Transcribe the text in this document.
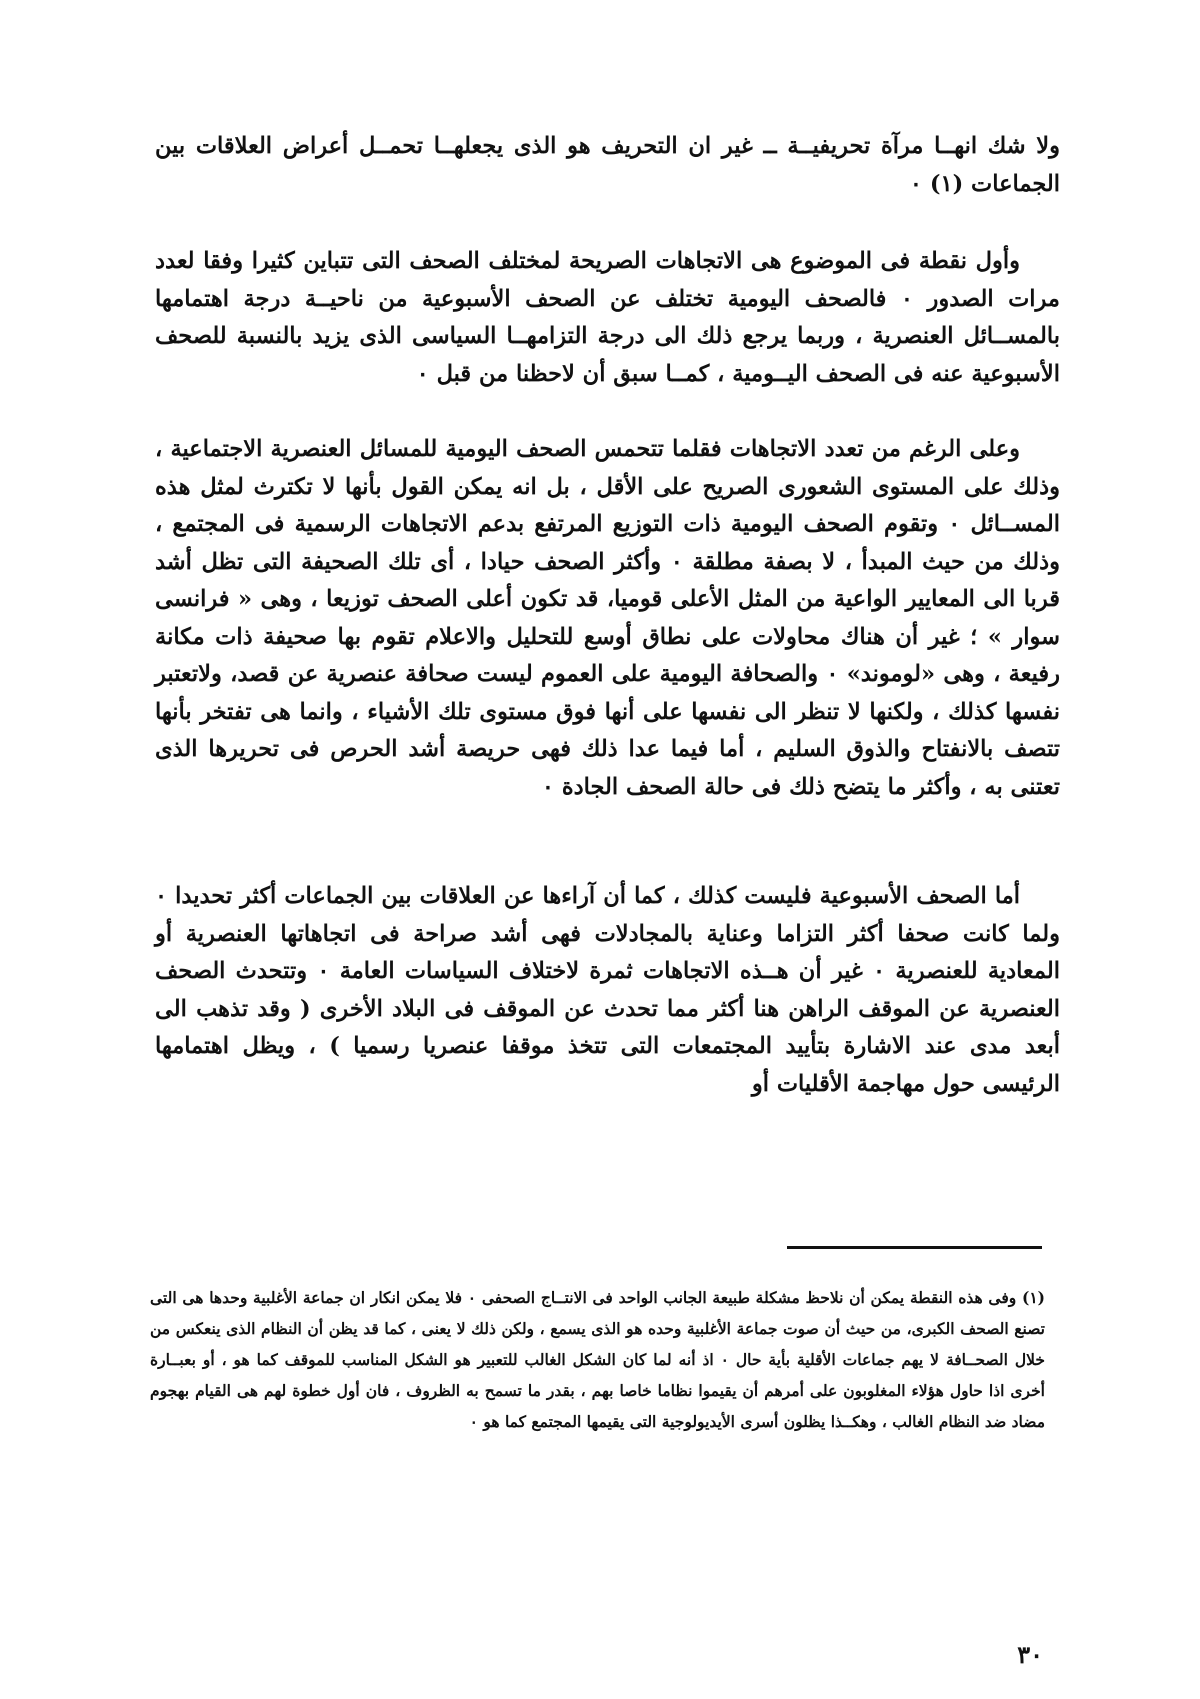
ولا شك انهــا مرآة تحريفيــة ــ غير ان التحريف هو الذى يجعلهــا تحمــل أعراض العلاقات بين الجماعات (١) ٠

وأول نقطة فى الموضوع هى الاتجاهات الصريحة لمختلف الصحف التى تتباين كثيرا وفقا لعدد مرات الصدور ٠ فالصحف اليومية تختلف عن الصحف الأسبوعية من ناحيــة درجة اهتمامها بالمســائل العنصرية ، وربما يرجع ذلك الى درجة التزامهــا السياسى الذى يزيد بالنسبة للصحف الأسبوعية عنه فى الصحف اليــومية ، كمــا سبق أن لاحظنا من قبل ٠

وعلى الرغم من تعدد الاتجاهات فقلما تتحمس الصحف اليومية للمسائل العنصرية الاجتماعية ، وذلك على المستوى الشعورى الصريح على الأقل ، بل انه يمكن القول بأنها لا تكترث لمثل هذه المســائل ٠ وتقوم الصحف اليومية ذات التوزيع المرتفع بدعم الاتجاهات الرسمية فى المجتمع ، وذلك من حيث المبدأ ، لا بصفة مطلقة ٠ وأكثر الصحف حيادا ، أى تلك الصحيفة التى تظل أشد قربا الى المعايير الواعية من المثل الأعلى قوميا، قد تكون أعلى الصحف توزيعا ، وهى « فرانسى سوار » ؛ غير أن هناك محاولات على نطاق أوسع للتحليل والاعلام تقوم بها صحيفة ذات مكانة رفيعة ، وهى «لوموند» ٠ والصحافة اليومية على العموم ليست صحافة عنصرية عن قصد، ولاتعتبر نفسها كذلك ، ولكنها لا تنظر الى نفسها على أنها فوق مستوى تلك الأشياء ، وانما هى تفتخر بأنها تتصف بالانفتاح والذوق السليم ، أما فيما عدا ذلك فهى حريصة أشد الحرص فى تحريرها الذى تعتنى به ، وأكثر ما يتضح ذلك فى حالة الصحف الجادة ٠

أما الصحف الأسبوعية فليست كذلك ، كما أن آراءها عن العلاقات بين الجماعات أكثر تحديدا ٠ ولما كانت صحفا أكثر التزاما وعناية بالمجادلات فهى أشد صراحة فى اتجاهاتها العنصرية أو المعادية للعنصرية ٠ غير أن هــذه الاتجاهات ثمرة لاختلاف السياسات العامة ٠ وتتحدث الصحف العنصرية عن الموقف الراهن هنا أكثر مما تحدث عن الموقف فى البلاد الأخرى ( وقد تذهب الى أبعد مدى عند الاشارة بتأييد المجتمعات التى تتخذ موقفا عنصريا رسميا ) ، ويظل اهتمامها الرئيسى حول مهاجمة الأقليات أو

(١) وفى هذه النقطة يمكن أن نلاحظ مشكلة طبيعة الجانب الواحد فى الانتــاج الصحفى ٠ فلا يمكن انكار ان جماعة الأغلبية وحدها هى التى تصنع الصحف الكبرى، من حيث أن صوت جماعة الأغلبية وحده هو الذى يسمع ، ولكن ذلك لا يعنى ، كما قد يظن أن النظام الذى ينعكس من خلال الصحــافة لا يهم جماعات الأقلية بأية حال ٠ اذ أنه لما كان الشكل الغالب للتعبير هو الشكل المناسب للموقف كما هو ، أو بعبــارة أخرى اذا حاول هؤلاء المغلوبون على أمرهم أن يقيموا نظاما خاصا بهم ، بقدر ما تسمح به الظروف ، فان أول خطوة لهم هى القيام بهجوم مضاد ضد النظام الغالب ، وهكــذا يظلون أسرى الأيديولوجية التى يقيمها المجتمع كما هو ٠

٣٠
